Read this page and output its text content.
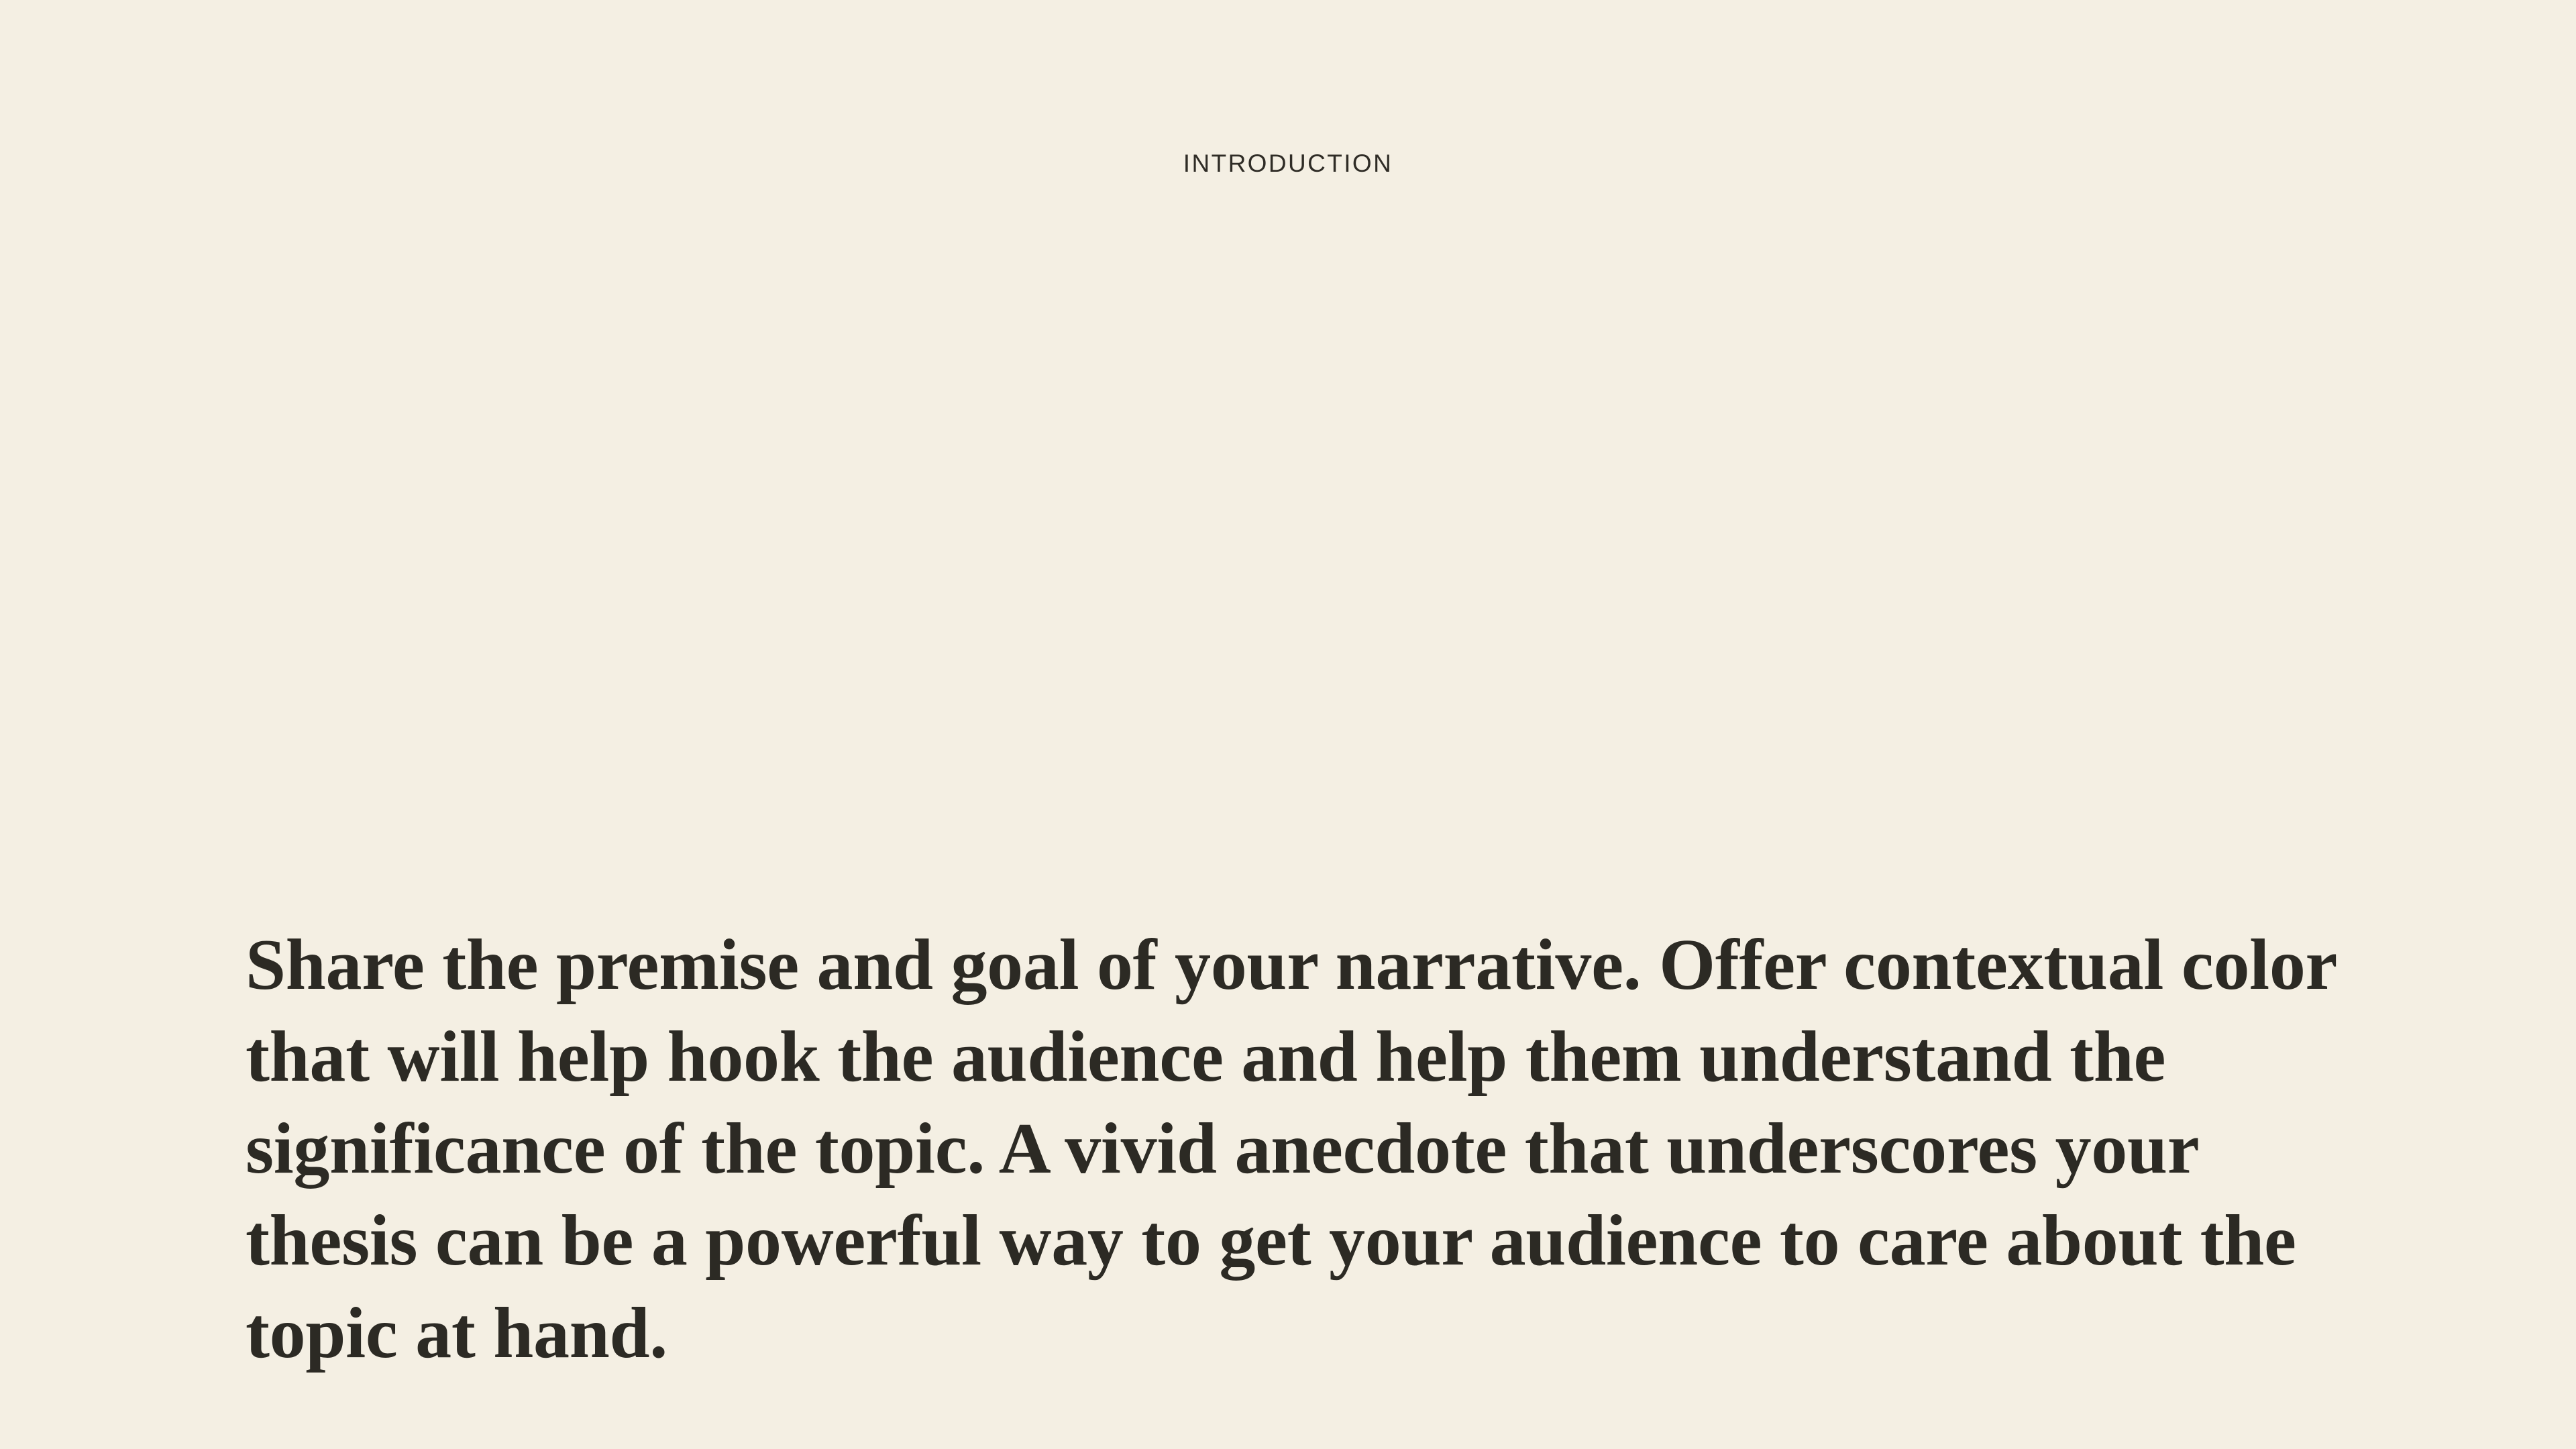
INTRODUCTION

Share the premise and goal of your narrative. Offer contextual color that will help hook the audience and help them understand the significance of the topic. A vivid anecdote that underscores your thesis can be a powerful way to get your audience to care about the topic at hand.
